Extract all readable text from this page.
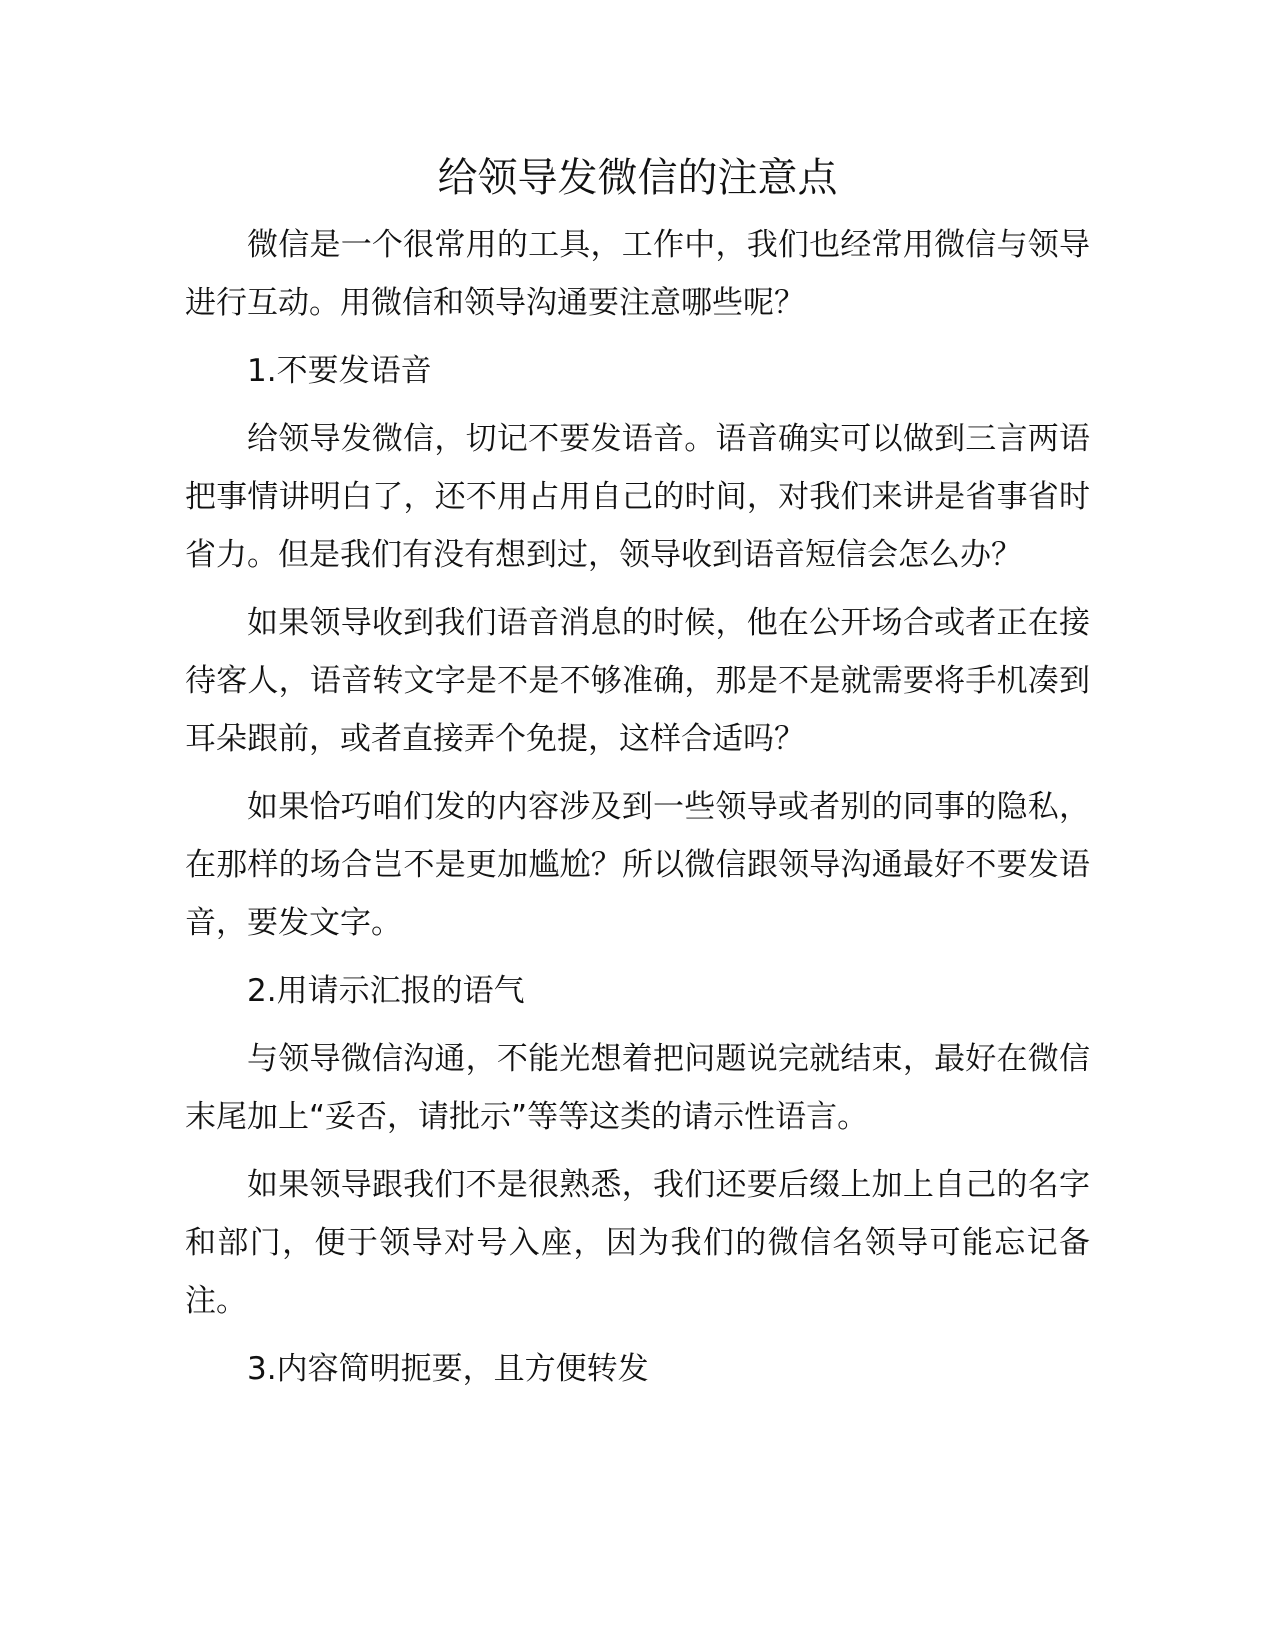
给领导发微信的注意点

微信是一个很常用的工具，工作中，我们也经常用微信与领导进行互动。用微信和领导沟通要注意哪些呢？

1.不要发语音

给领导发微信，切记不要发语音。语音确实可以做到三言两语把事情讲明白了，还不用占用自己的时间，对我们来讲是省事省时省力。但是我们有没有想到过，领导收到语音短信会怎么办？

如果领导收到我们语音消息的时候，他在公开场合或者正在接待客人，语音转文字是不是不够准确，那是不是就需要将手机凑到耳朵跟前，或者直接弄个免提，这样合适吗？

如果恰巧咱们发的内容涉及到一些领导或者别的同事的隐私，在那样的场合岂不是更加尴尬？所以微信跟领导沟通最好不要发语音，要发文字。

2.用请示汇报的语气

与领导微信沟通，不能光想着把问题说完就结束，最好在微信末尾加上“妥否，请批示”等等这类的请示性语言。

如果领导跟我们不是很熟悉，我们还要后缀上加上自己的名字和部门，便于领导对号入座，因为我们的微信名领导可能忘记备注。

3.内容简明扼要，且方便转发
